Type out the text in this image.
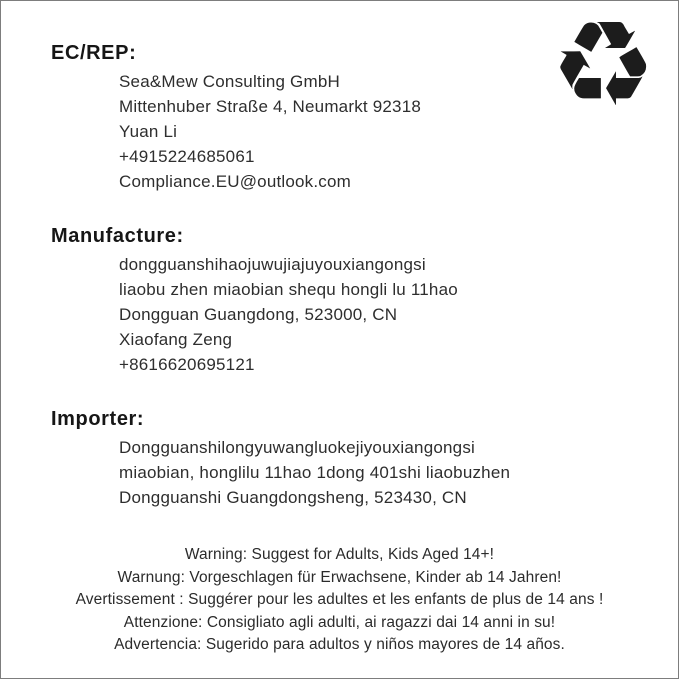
♻
EC/REP:
Sea&Mew Consulting GmbH
Mittenhuber Straße 4, Neumarkt 92318
Yuan Li
+4915224685061
Compliance.EU@outlook.com
Manufacture:
dongguanshihaojuwujiajuyouxiangongsi
liaobu zhen miaobian shequ hongli lu 11hao
Dongguan Guangdong, 523000, CN
Xiaofang Zeng
+8616620695121
Importer:
Dongguanshilongyuwangluokejiyouxiangongsi
miaobian, honglilu 11hao 1dong 401shi liaobuzhen
Dongguanshi Guangdongsheng, 523430, CN
Warning: Suggest for Adults, Kids Aged 14+!
Warnung: Vorgeschlagen für Erwachsene, Kinder ab 14 Jahren!
Avertissement : Suggérer pour les adultes et les enfants de plus de 14 ans !
Attenzione: Consigliato agli adulti, ai ragazzi dai 14 anni in su!
Advertencia: Sugerido para adultos y niños mayores de 14 años.
